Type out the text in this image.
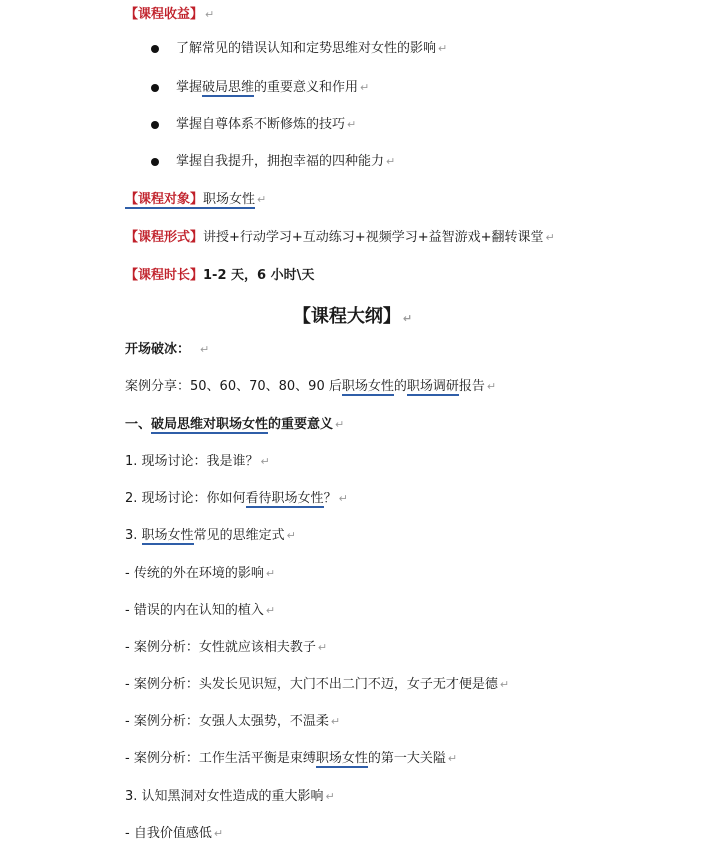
【课程收益】 ↵
了解常见的错误认知和定势思维对女性的影响 ↵
掌握破局思维的重要意义和作用 ↵
掌握自尊体系不断修炼的技巧 ↵
掌握自我提升，拥抱幸福的四种能力 ↵
【课程对象】职场女性 ↵
【课程形式】讲授+行动学习+互动练习+视频学习+益智游戏+翻转课堂 ↵
【课程时长】1-2 天，6 小时\天
【课程大纲】 ↵
开场破冰： ↵
案例分享：50、60、70、80、90 后职场女性的职场调研报告 ↵
一、破局思维对职场女性的重要意义 ↵
1. 现场讨论：我是谁？ ↵
2. 现场讨论：你如何看待职场女性？ ↵
3. 职场女性常见的思维定式 ↵
- 传统的外在环境的影响 ↵
- 错误的内在认知的植入 ↵
- 案例分析：女性就应该相夫教子 ↵
- 案例分析：头发长见识短，大门不出二门不迈，女子无才便是德 ↵
- 案例分析：女强人太强势，不温柔 ↵
- 案例分析：工作生活平衡是束缚职场女性的第一大关隘 ↵
3. 认知黑洞对女性造成的重大影响 ↵
- 自我价值感低 ↵
